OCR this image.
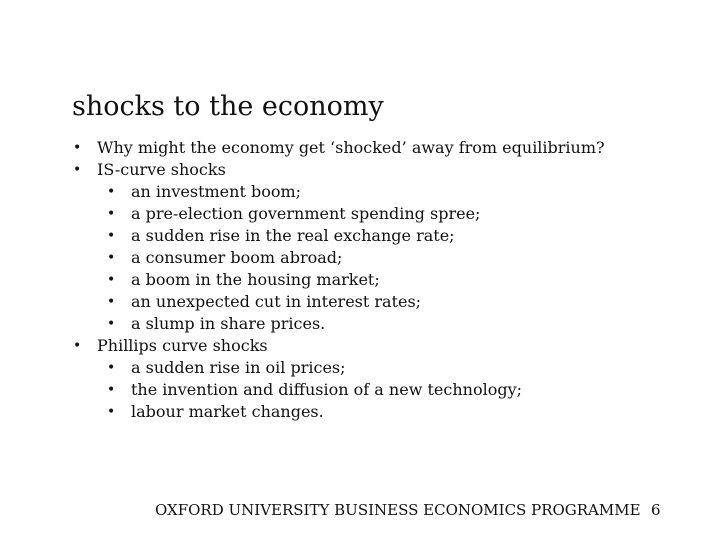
shocks to the economy
• Why might the economy get ‘shocked’ away from equilibrium?
• IS-curve shocks
• an investment boom;
• a pre-election government spending spree;
• a sudden rise in the real exchange rate;
• a consumer boom abroad;
• a boom in the housing market;
• an unexpected cut in interest rates;
• a slump in share prices.
• Phillips curve shocks
• a sudden rise in oil prices;
• the invention and diffusion of a new technology;
• labour market changes.
OXFORD UNIVERSITY BUSINESS ECONOMICS PROGRAMME 6
